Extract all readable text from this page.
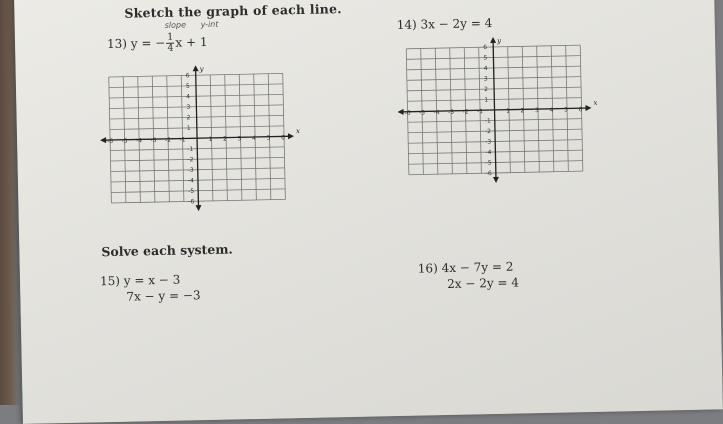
Sketch the graph of each line.
slope y-int
13) y = − $\frac{1}{4}$ x + 1
14) 3x − 2y = 4
x
y
-6 -5 -4 -3 -2 -1	1 2 3 4 5 6
6
5
4
3
2
1
-1
-2
-3
-4
-5
-6
x
y
-6 -5 -4 -3 -2 -1	1 2 3 4 5 6
6
5
4
3
2
1
-1
-2
-3
-4
-5
-6
Solve each system.
15) y = x − 3
7x − y = −3
16) 4x − 7y = 2
2x − 2y = 4
